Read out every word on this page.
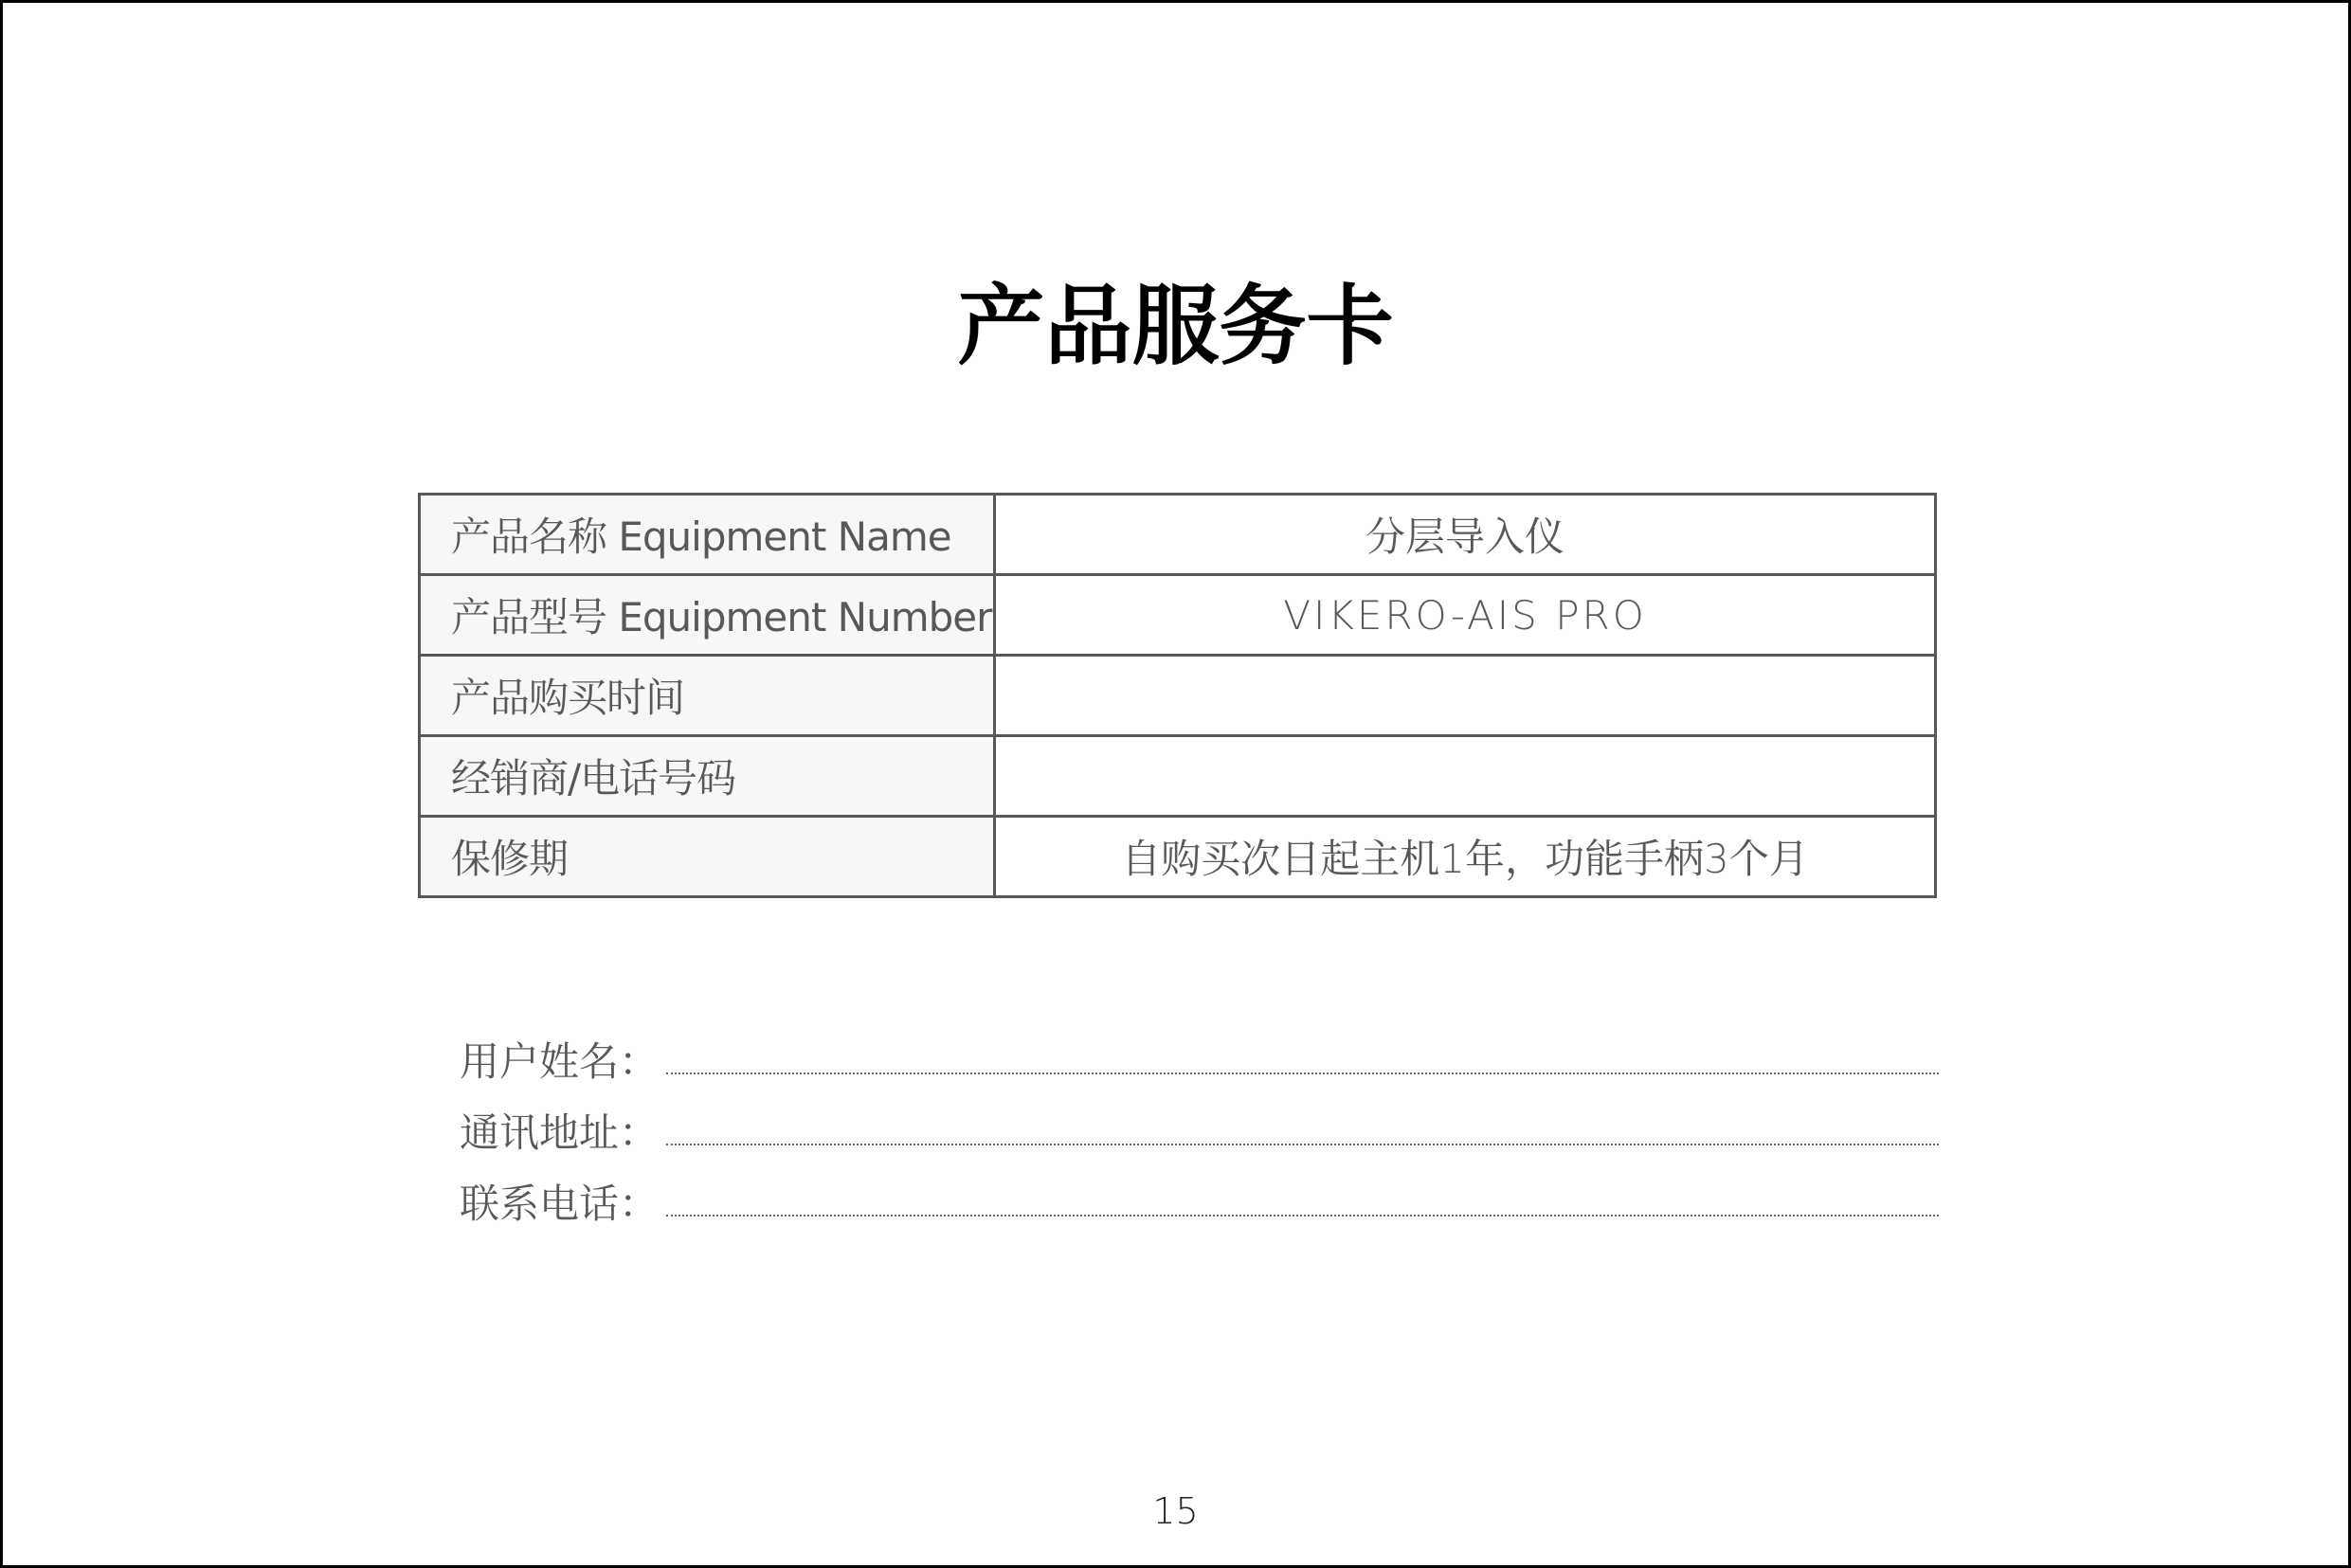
产品服务卡
产品名称 Equipment Name	分层导入仪
产品型号 Equipment Number	VIKERO-AIS PRO
产品购买时间	
经销商/电话号码	
保修期	自购买次日起主机1年，功能手柄3个月
用户姓名：
通讯地址：
联系电话：
15
